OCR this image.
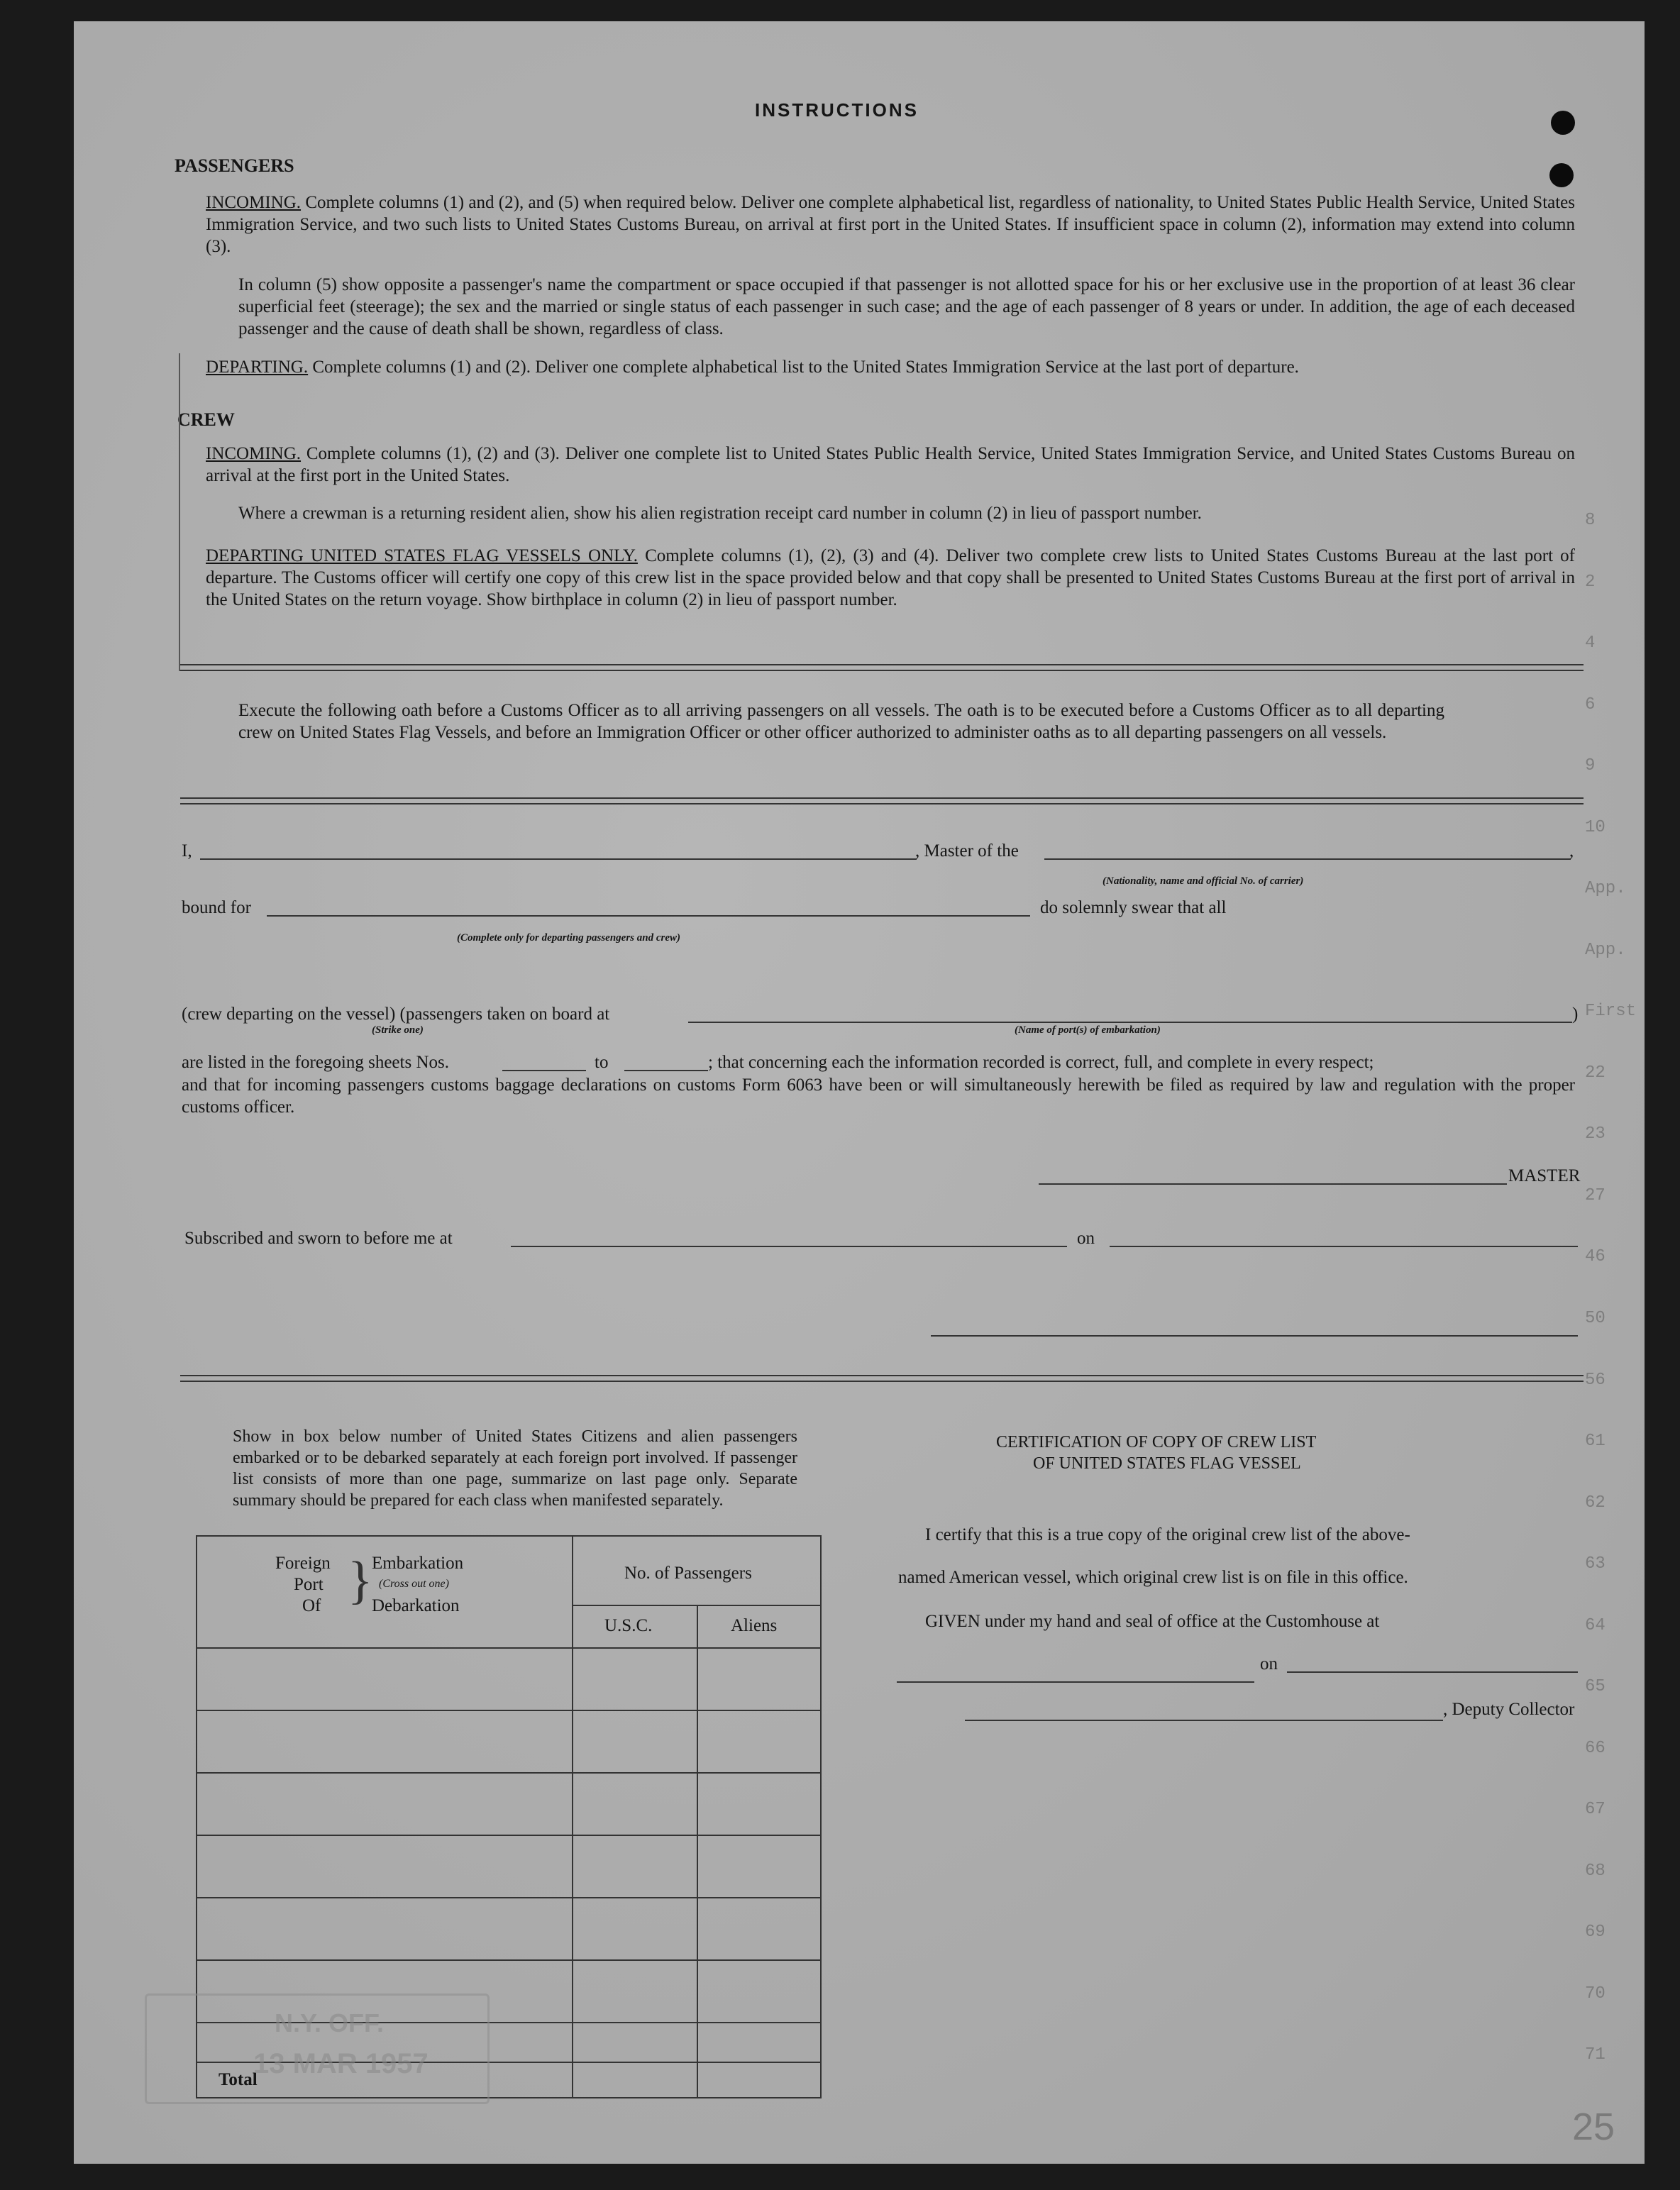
INSTRUCTIONS
PASSENGERS
INCOMING. Complete columns (1) and (2), and (5) when required below. Deliver one complete alphabetical list, regardless of nationality, to United States Public Health Service, United States Immigration Service, and two such lists to United States Customs Bureau, on arrival at first port in the United States. If insufficient space in column (2), information may extend into column (3).
In column (5) show opposite a passenger's name the compartment or space occupied if that passenger is not allotted space for his or her exclusive use in the proportion of at least 36 clear superficial feet (steerage); the sex and the married or single status of each passenger in such case; and the age of each passenger of 8 years or under. In addition, the age of each deceased passenger and the cause of death shall be shown, regardless of class.
DEPARTING. Complete columns (1) and (2). Deliver one complete alphabetical list to the United States Immigration Service at the last port of departure.
CREW
INCOMING. Complete columns (1), (2) and (3). Deliver one complete list to United States Public Health Service, United States Immigration Service, and United States Customs Bureau on arrival at the first port in the United States.
Where a crewman is a returning resident alien, show his alien registration receipt card number in column (2) in lieu of passport number.
DEPARTING UNITED STATES FLAG VESSELS ONLY. Complete columns (1), (2), (3) and (4). Deliver two complete crew lists to United States Customs Bureau at the last port of departure. The Customs officer will certify one copy of this crew list in the space provided below and that copy shall be presented to United States Customs Bureau at the first port of arrival in the United States on the return voyage. Show birthplace in column (2) in lieu of passport number.
Execute the following oath before a Customs Officer as to all arriving passengers on all vessels. The oath is to be executed before a Customs Officer as to all departing crew on United States Flag Vessels, and before an Immigration Officer or other officer authorized to administer oaths as to all departing passengers on all vessels.
I,	, Master of the	,
(Nationality, name and official No. of carrier)
bound for	do solemnly swear that all
(Complete only for departing passengers and crew)
(crew departing on the vessel) (passengers taken on board at	)
(Strike one)	(Name of port(s) of embarkation)
are listed in the foregoing sheets Nos.	to	; that concerning each the information recorded is correct, full, and complete in every respect;
and that for incoming passengers customs baggage declarations on customs Form 6063 have been or will simultaneously herewith be filed as required by law and regulation with the proper customs officer.
MASTER
Subscribed and sworn to before me at	on
Show in box below number of United States Citizens and alien passengers embarked or to be debarked separately at each foreign port involved. If passenger list consists of more than one page, summarize on last page only. Separate summary should be prepared for each class when manifested separately.
Foreign
Port
Of }
Embarkation
(Cross out one)
Debarkation
No. of Passengers
U.S.C.	Aliens
Total
CERTIFICATION OF COPY OF CREW LIST
OF UNITED STATES FLAG VESSEL
I certify that this is a true copy of the original crew list of the above-
named American vessel, which original crew list is on file in this office.
GIVEN under my hand and seal of office at the Customhouse at
on
, Deputy Collector
8
2
4
6
9
10
App.
App.
First
22
23
27
46
50
56
61
62
63
64
65
66
67
68
69
70
71
N.Y. OFF.
13 MAR 1957
25
